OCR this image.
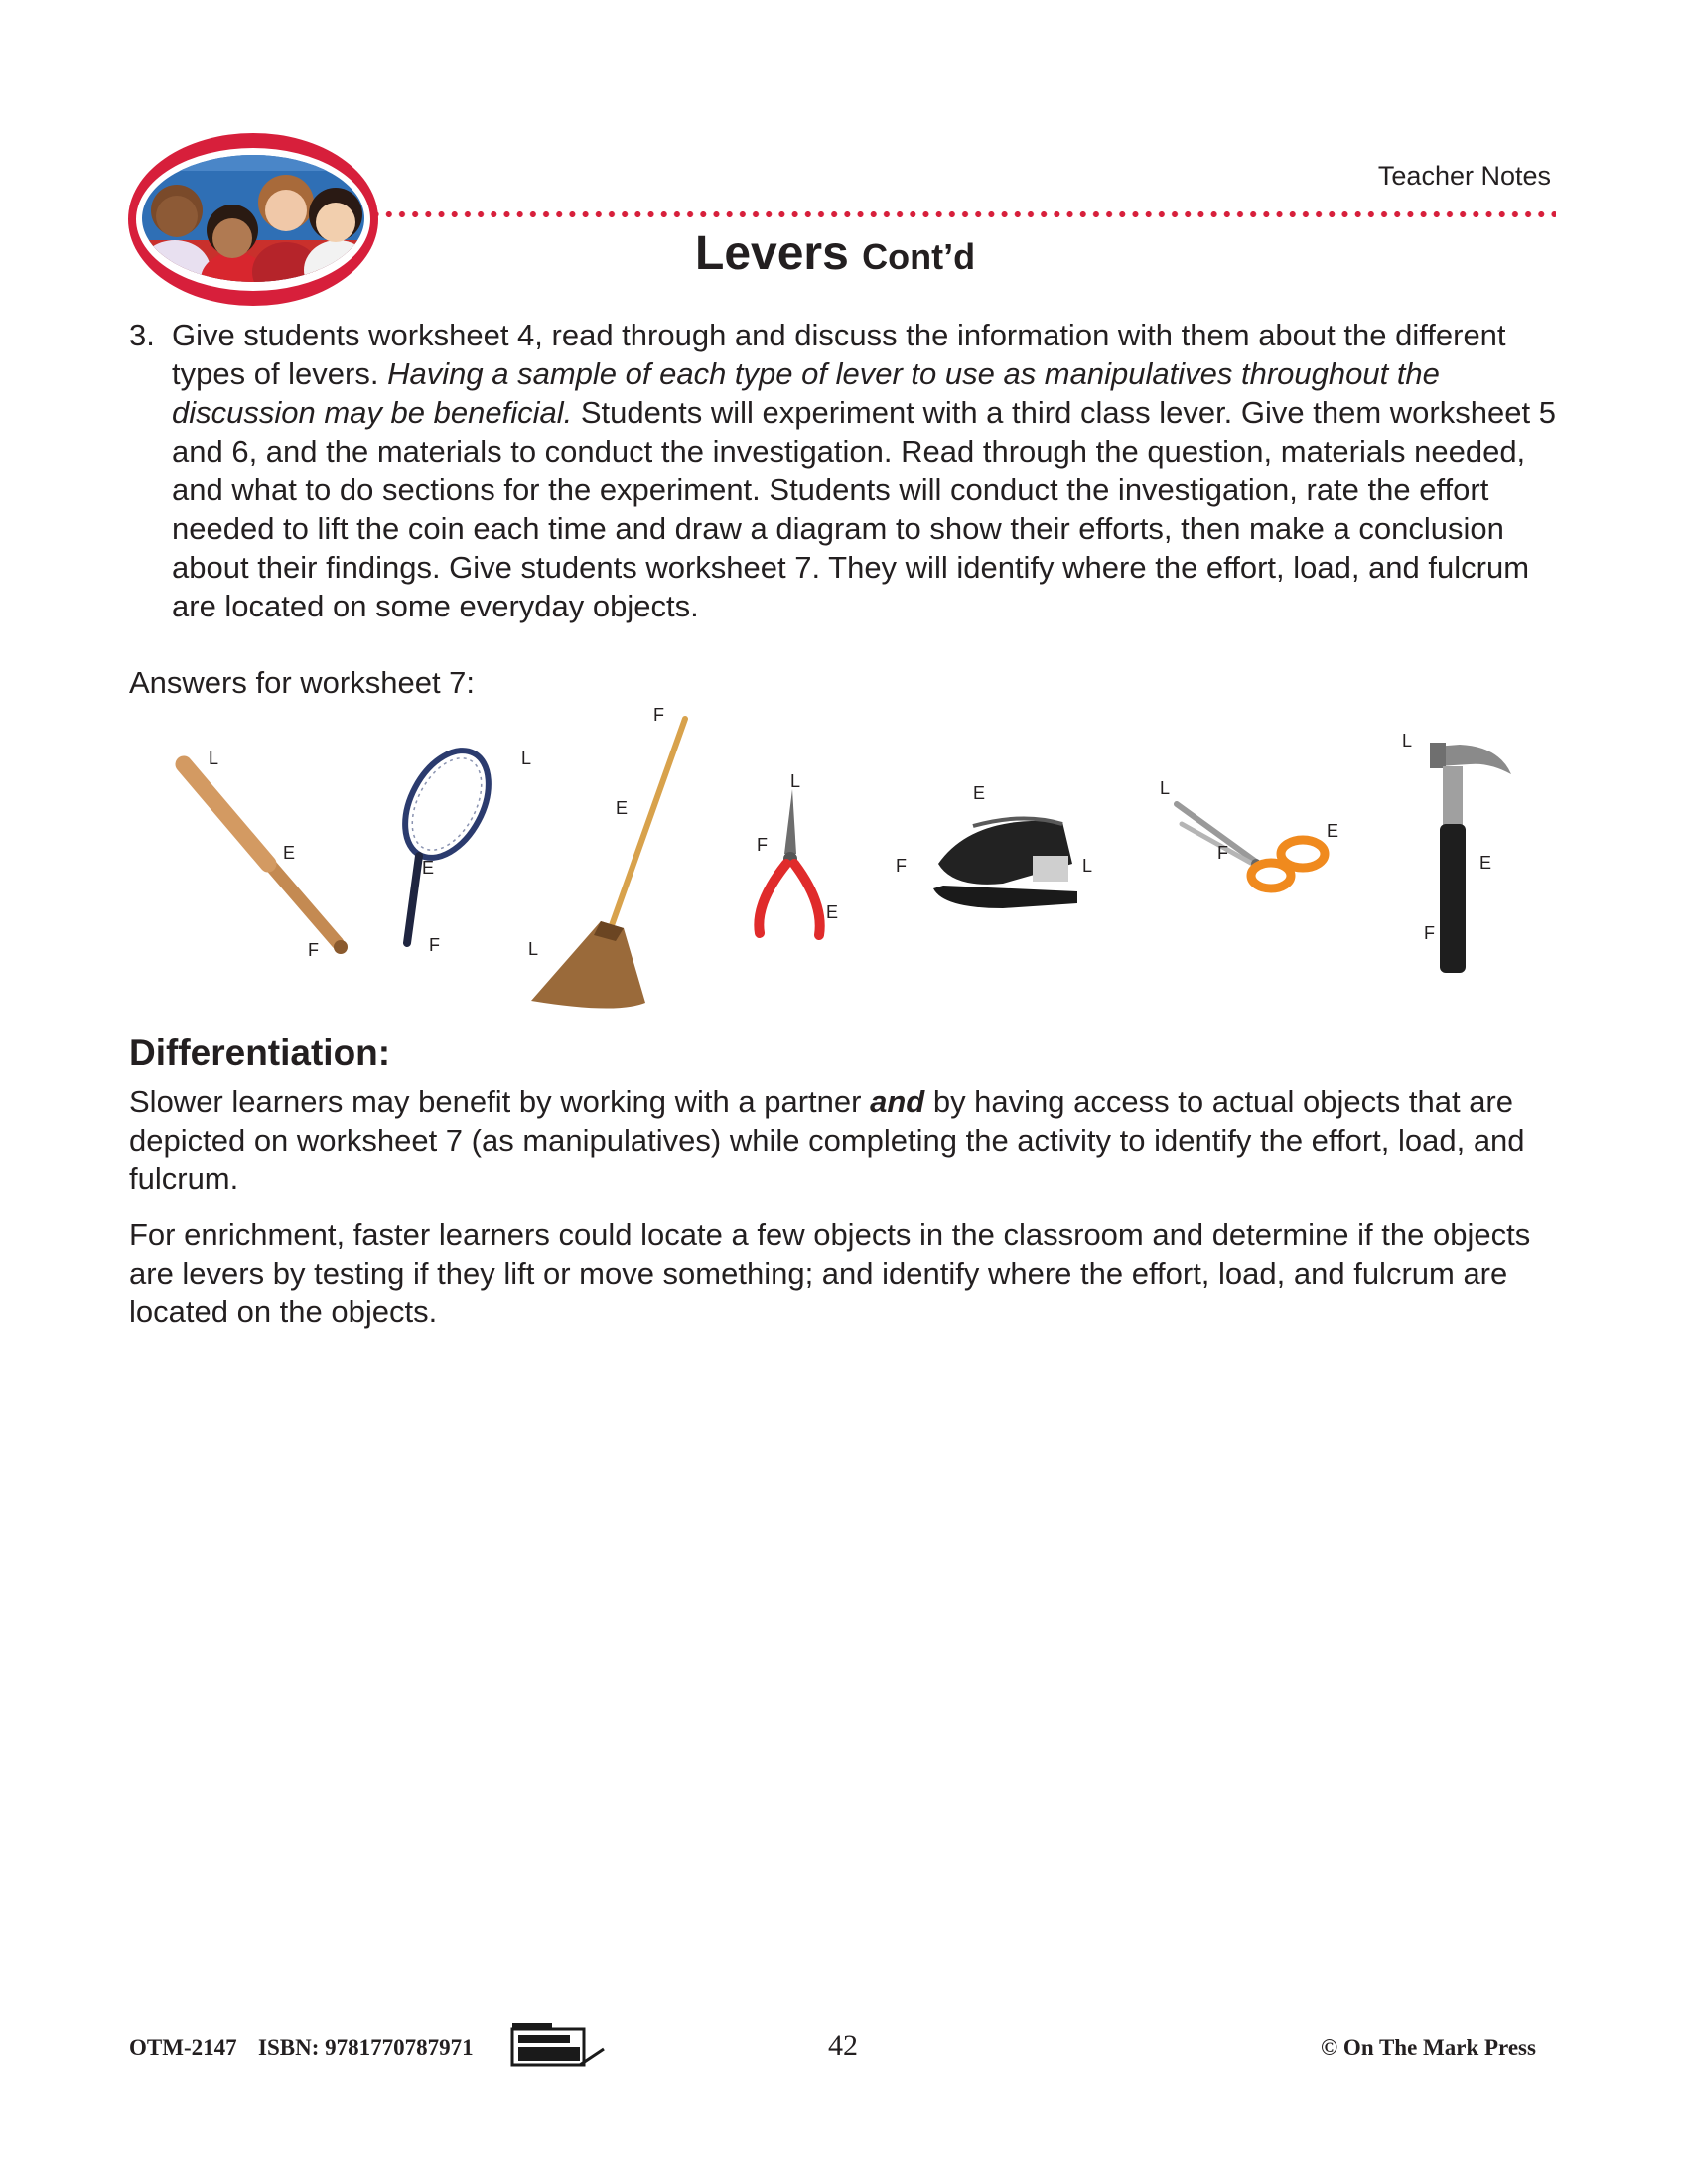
Teacher Notes
Levers Cont’d
3. Give students worksheet 4, read through and discuss the information with them about the different types of levers. Having a sample of each type of lever to use as manipulatives throughout the discussion may be beneficial. Students will experiment with a third class lever. Give them worksheet 5 and 6, and the materials to conduct the investigation. Read through the question, materials needed, and what to do sections for the experiment. Students will conduct the investigation, rate the effort needed to lift the coin each time and draw a diagram to show their efforts, then make a conclusion about their findings. Give students worksheet 7. They will identify where the effort, load, and fulcrum are located on some everyday objects.
Answers for worksheet 7:
L
E
F
L
E
F
F
E
L
L
F
E
E
F	L
L
F
E
L
E
F
Differentiation:
Slower learners may benefit by working with a partner and by having access to actual objects that are depicted on worksheet 7 (as manipulatives) while completing the activity to identify the effort, load, and fulcrum.
For enrichment, faster learners could locate a few objects in the classroom and determine if the objects are levers by testing if they lift or move something; and identify where the effort, load, and fulcrum are located on the objects.
OTM-2147 ISBN: 9781770787971	42	© On The Mark Press
